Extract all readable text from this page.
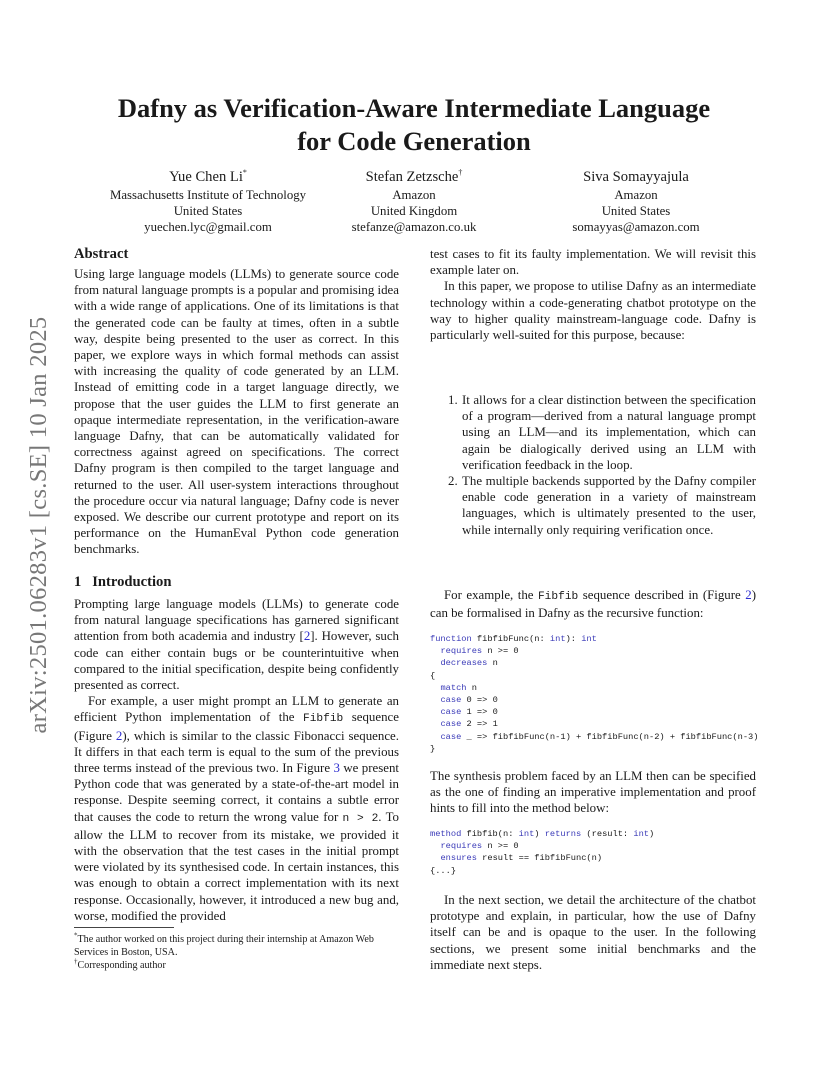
arXiv:2501.06283v1 [cs.SE] 10 Jan 2025
Dafny as Verification-Aware Intermediate Language
for Code Generation
Yue Chen Li*
Massachusetts Institute of Technology
United States
yuechen.lyc@gmail.com
Stefan Zetzsche†
Amazon
United Kingdom
stefanze@amazon.co.uk
Siva Somayyajula
Amazon
United States
somayyas@amazon.com
Abstract

Using large language models (LLMs) to generate source code from natural language prompts is a popular and promising idea with a wide range of applications. One of its limitations is that the generated code can be faulty at times, often in a subtle way, despite being presented to the user as correct. In this paper, we explore ways in which formal methods can assist with increasing the quality of code generated by an LLM. Instead of emitting code in a target language directly, we propose that the user guides the LLM to first generate an opaque intermediate representation, in the verification-aware language Dafny, that can be automatically validated for correctness against agreed on specifications. The correct Dafny program is then compiled to the target language and returned to the user. All user-system interactions throughout the procedure occur via natural language; Dafny code is never exposed. We describe our current prototype and report on its performance on the HumanEval Python code generation benchmarks.

1 Introduction

Prompting large language models (LLMs) to generate code from natural language specifications has garnered significant attention from both academia and industry [2]. However, such code can either contain bugs or be counterintuitive when compared to the initial specification, despite being confidently presented as correct.

For example, a user might prompt an LLM to generate an efficient Python implementation of the Fibfib sequence (Figure 2), which is similar to the classic Fibonacci sequence. It differs in that each term is equal to the sum of the previous three terms instead of the previous two. In Figure 3 we present Python code that was generated by a state-of-the-art model in response. Despite seeming correct, it contains a subtle error that causes the code to return the wrong value for n > 2. To allow the LLM to recover from its mistake, we provided it with the observation that the test cases in the initial prompt were violated by its synthesised code. In certain instances, this was enough to obtain a correct implementation with its next response. Occasionally, however, it introduced a new bug and, worse, modified the provided

*The author worked on this project during their internship at Amazon Web Services in Boston, USA.
†Corresponding author

test cases to fit its faulty implementation. We will revisit this example later on.

In this paper, we propose to utilise Dafny as an intermediate technology within a code-generating chatbot prototype on the way to higher quality mainstream-language code. Dafny is particularly well-suited for this purpose, because:

1. It allows for a clear distinction between the specification of a program—derived from a natural language prompt using an LLM—and its implementation, which can again be dialogically derived using an LLM with verification feedback in the loop.
2. The multiple backends supported by the Dafny compiler enable code generation in a variety of mainstream languages, which is ultimately presented to the user, while internally only requiring verification once.

For example, the Fibfib sequence described in (Figure 2) can be formalised in Dafny as the recursive function:

function fibfibFunc(n: int): int
requires n >= 0
decreases n
{
match n
case 0 => 0
case 1 => 0
case 2 => 1
case _ => fibfibFunc(n-1) + fibfibFunc(n-2) + fibfibFunc(n-3)
}

The synthesis problem faced by an LLM then can be specified as the one of finding an imperative implementation and proof hints to fill into the method below:

method fibfib(n: int) returns (result: int)
requires n >= 0
ensures result == fibfibFunc(n)
{...}

In the next section, we detail the architecture of the chatbot prototype and explain, in particular, how the use of Dafny itself can be and is opaque to the user. In the following sections, we present some initial benchmarks and the immediate next steps.
